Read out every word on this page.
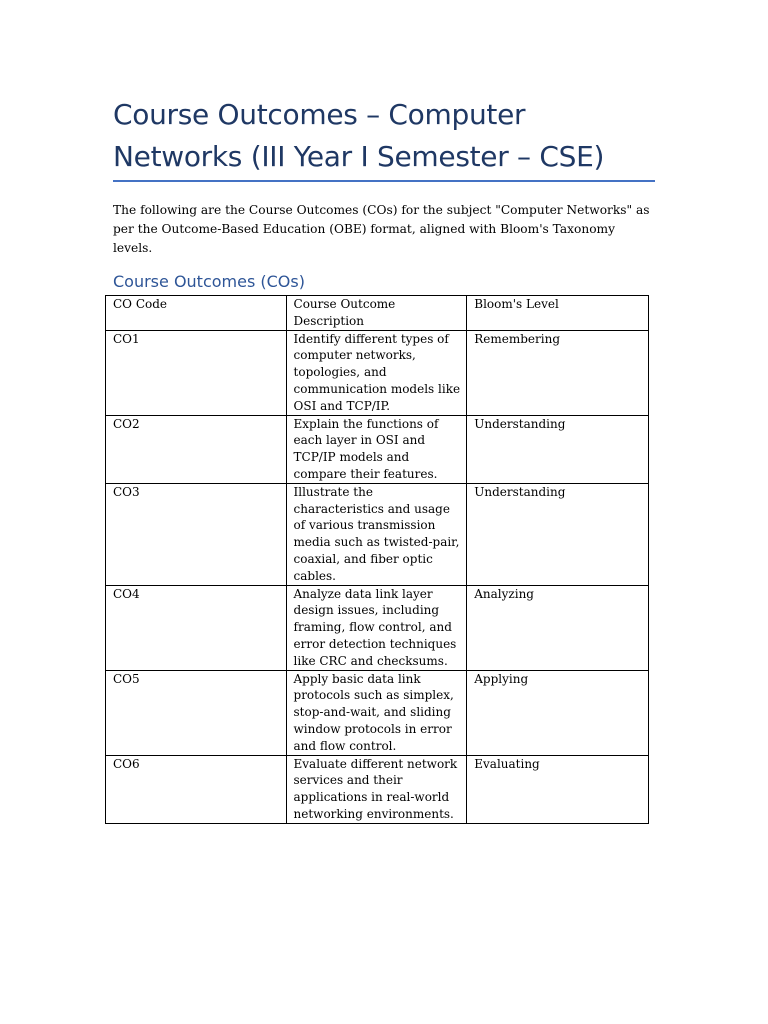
Course Outcomes – Computer Networks (III Year I Semester – CSE)

The following are the Course Outcomes (COs) for the subject "Computer Networks" as per the Outcome-Based Education (OBE) format, aligned with Bloom's Taxonomy levels.

Course Outcomes (COs)
CO Code	Course Outcome Description	Bloom's Level
CO1	Identify different types of computer networks, topologies, and communication models like OSI and TCP/IP.	Remembering
CO2	Explain the functions of each layer in OSI and TCP/IP models and compare their features.	Understanding
CO3	Illustrate the characteristics and usage of various transmission media such as twisted-pair, coaxial, and fiber optic cables.	Understanding
CO4	Analyze data link layer design issues, including framing, flow control, and error detection techniques like CRC and checksums.	Analyzing
CO5	Apply basic data link protocols such as simplex, stop-and-wait, and sliding window protocols in error and flow control.	Applying
CO6	Evaluate different network services and their applications in real-world networking environments.	Evaluating
